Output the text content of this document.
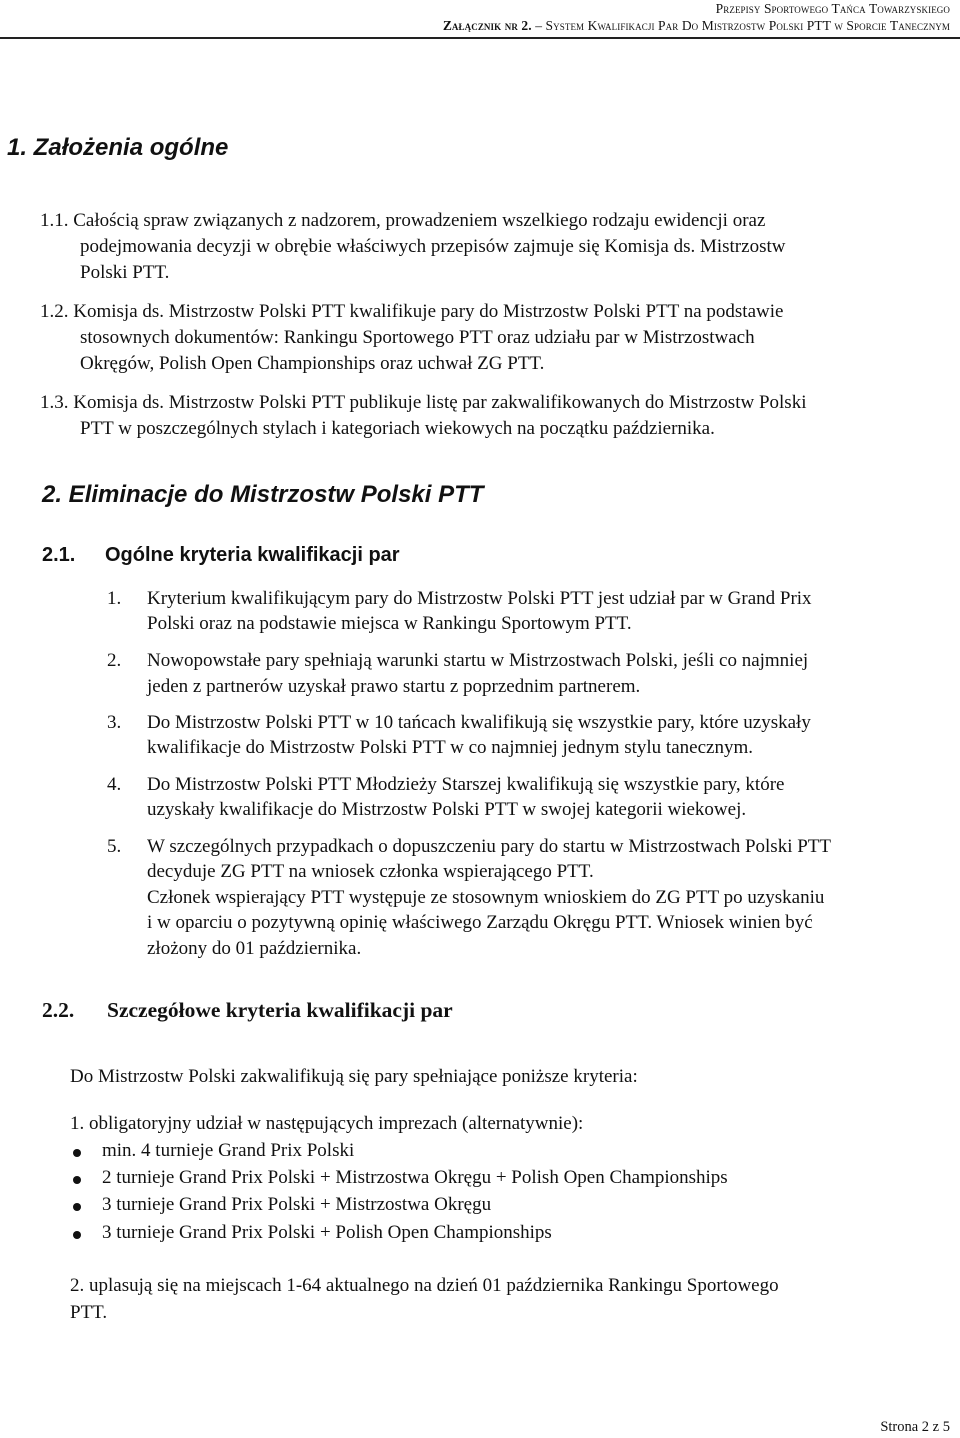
Przepisy Sportowego Tańca Towarzyskiego
Załącznik nr 2. – System Kwalifikacji Par Do Mistrzostw Polski PTT w Sporcie Tanecznym
1. Założenia ogólne
1.1. Całością spraw związanych z nadzorem, prowadzeniem wszelkiego rodzaju ewidencji oraz
podejmowania decyzji w obrębie właściwych przepisów zajmuje się Komisja ds. Mistrzostw
Polski PTT.
1.2. Komisja ds. Mistrzostw Polski PTT kwalifikuje pary do Mistrzostw Polski PTT na podstawie
stosownych dokumentów: Rankingu Sportowego PTT oraz udziału par w Mistrzostwach
Okręgów, Polish Open Championships oraz uchwał ZG PTT.
1.3. Komisja ds. Mistrzostw Polski PTT publikuje listę par zakwalifikowanych do Mistrzostw Polski
PTT w poszczególnych stylach i kategoriach wiekowych na początku października.
2. Eliminacje do Mistrzostw Polski PTT
2.1. Ogólne kryteria kwalifikacji par
1. Kryterium kwalifikującym pary do Mistrzostw Polski PTT jest udział par w Grand Prix
Polski oraz na podstawie miejsca w Rankingu Sportowym PTT.
2. Nowopowstałe pary spełniają warunki startu w Mistrzostwach Polski, jeśli co najmniej
jeden z partnerów uzyskał prawo startu z poprzednim partnerem.
3. Do Mistrzostw Polski PTT w 10 tańcach kwalifikują się wszystkie pary, które uzyskały
kwalifikacje do Mistrzostw Polski PTT w co najmniej jednym stylu tanecznym.
4. Do Mistrzostw Polski PTT Młodzieży Starszej kwalifikują się wszystkie pary, które
uzyskały kwalifikacje do Mistrzostw Polski PTT w swojej kategorii wiekowej.
5. W szczególnych przypadkach o dopuszczeniu pary do startu w Mistrzostwach Polski PTT
decyduje ZG PTT na wniosek członka wspierającego PTT.
Członek wspierający PTT występuje ze stosownym wnioskiem do ZG PTT po uzyskaniu
i w oparciu o pozytywną opinię właściwego Zarządu Okręgu PTT. Wniosek winien być
złożony do 01 października.
2.2. Szczegółowe kryteria kwalifikacji par
Do Mistrzostw Polski zakwalifikują się pary spełniające poniższe kryteria:
1. obligatoryjny udział w następujących imprezach (alternatywnie):
min. 4 turnieje Grand Prix Polski
2 turnieje Grand Prix Polski + Mistrzostwa Okręgu + Polish Open Championships
3 turnieje Grand Prix Polski + Mistrzostwa Okręgu
3 turnieje Grand Prix Polski + Polish Open Championships
2. uplasują się na miejscach 1-64 aktualnego na dzień 01 października Rankingu Sportowego
PTT.
Strona 2 z 5
